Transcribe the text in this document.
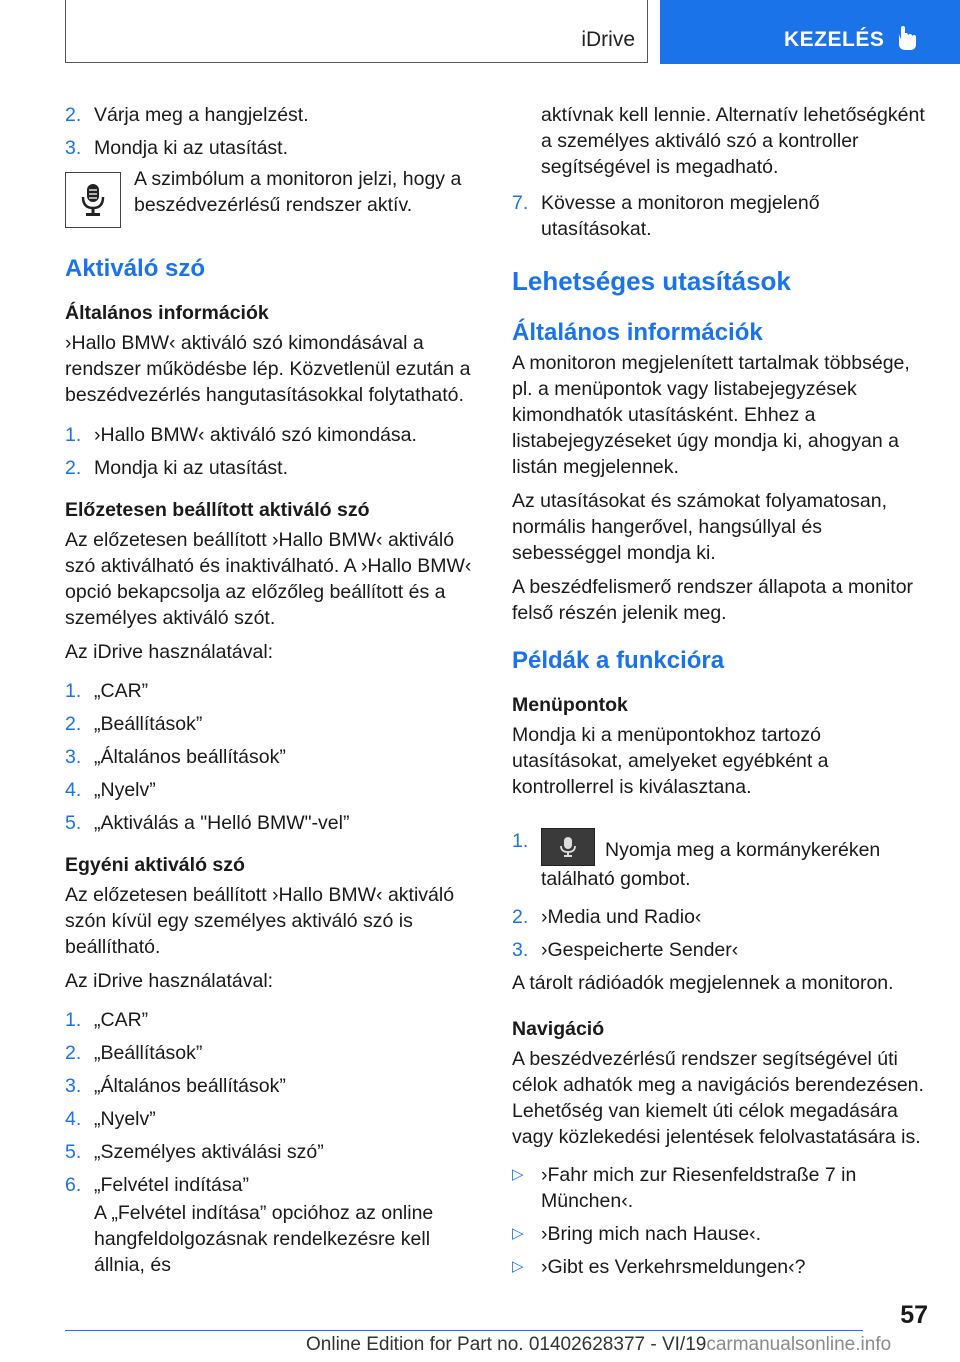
iDrive	KEZELÉS
2. Várja meg a hangjelzést.
3. Mondja ki az utasítást.

A szimbólum a monitoron jelzi, hogy a beszédvezérlésű rendszer aktív.

Aktiváló szó

Általános információk

›Hallo BMW‹ aktiváló szó kimondásával a rendszer működésbe lép. Közvetlenül ezután a beszédvezérlés hangutasításokkal folytatható.

1. ›Hallo BMW‹ aktiváló szó kimondása.
2. Mondja ki az utasítást.

Előzetesen beállított aktiváló szó

Az előzetesen beállított ›Hallo BMW‹ aktiváló szó aktiválható és inaktiválható. A ›Hallo BMW‹ opció bekapcsolja az előzőleg beállított és a személyes aktiváló szót.

Az iDrive használatával:

1. „CAR”
2. „Beállítások”
3. „Általános beállítások”
4. „Nyelv”
5. „Aktiválás a "Helló BMW"-vel”

Egyéni aktiváló szó

Az előzetesen beállított ›Hallo BMW‹ aktiváló szón kívül egy személyes aktiváló szó is beállítható.

Az iDrive használatával:

1. „CAR”
2. „Beállítások”
3. „Általános beállítások”
4. „Nyelv”
5. „Személyes aktiválási szó”
6. „Felvétel indítása”

A „Felvétel indítása” opcióhoz az online hangfeldolgozásnak rendelkezésre kell állnia, és

aktívnak kell lennie. Alternatív lehetőségként a személyes aktiváló szó a kontroller segítségével is megadható.

7. Kövesse a monitoron megjelenő utasításokat.

Lehetséges utasítások

Általános információk

A monitoron megjelenített tartalmak többsége, pl. a menüpontok vagy listabejegyzések kimondhatók utasításként. Ehhez a listabejegyzéseket úgy mondja ki, ahogyan a listán megjelennek.

Az utasításokat és számokat folyamatosan, normális hangerővel, hangsúllyal és sebességgel mondja ki.

A beszédfelismerő rendszer állapota a monitor felső részén jelenik meg.

Példák a funkcióra

Menüpontok

Mondja ki a menüpontokhoz tartozó utasításokat, amelyeket egyébként a kontrollerrel is kiválasztana.

1.	Nyomja meg a kormánykeréken található gombot.
2. ›Media und Radio‹
3. ›Gespeicherte Sender‹

A tárolt rádióadók megjelennek a monitoron.

Navigáció

A beszédvezérlésű rendszer segítségével úti célok adhatók meg a navigációs berendezésen. Lehetőség van kiemelt úti célok megadására vagy közlekedési jelentések felolvastatására is.

▷ ›Fahr mich zur Riesenfeldstraße 7 in München‹.
▷ ›Bring mich nach Hause‹.
▷ ›Gibt es Verkehrsmeldungen‹?
57
Online Edition for Part no. 01402628377 - VI/19carmanualsonline.info
